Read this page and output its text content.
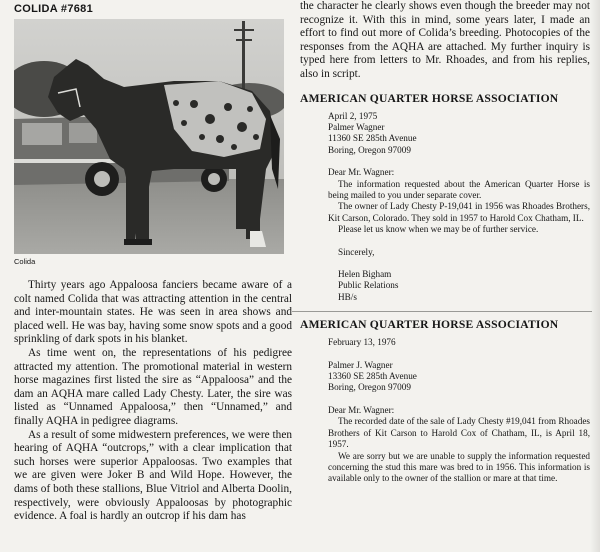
COLIDA #7681
Colida

Thirty years ago Appaloosa fanciers became aware of a colt named Colida that was attracting attention in the central and inter-mountain states. He was seen in area shows and placed well. He was bay, having some snow spots and a good sprinkling of dark spots in his blanket.

As time went on, the representations of his pedigree attracted my attention. The promotional material in western horse magazines first listed the sire as “Appaloosa” and the dam an AQHA mare called Lady Chesty. Later, the sire was listed as “Unnamed Appaloosa,” then “Unnamed,” and finally AQHA in pedigree diagrams.

As a result of some midwestern preferences, we were then hearing of AQHA “outcrops,” with a clear implication that such horses were superior Appaloosas. Two examples that we are given were Joker B and Wild Hope. However, the dams of both these stallions, Blue Vitriol and Alberta Doolin, respectively, were obviously Appaloosas by photographic evidence. A foal is hardly an outcrop if his dam has

the character he clearly shows even though the breeder may not recognize it. With this in mind, some years later, I made an effort to find out more of Colida’s breeding. Photocopies of the responses from the AQHA are attached. My further inquiry is typed here from letters to Mr. Rhoades, and from his replies, also in script.

AMERICAN QUARTER HORSE ASSOCIATION
April 2, 1975
Palmer Wagner
11360 SE 285th Avenue
Boring, Oregon 97009
Dear Mr. Wagner:
The information requested about the American Quarter Horse is being mailed to you under separate cover.
The owner of Lady Chesty P-19,041 in 1956 was Rhoades Brothers, Kit Carson, Colorado. They sold in 1957 to Harold Cox Chatham, IL.
Please let us know when we may be of further service.
Sincerely,
Helen Bigham
Public Relations
HB/s
AMERICAN QUARTER HORSE ASSOCIATION
February 13, 1976
Palmer J. Wagner
13360 SE 285th Avenue
Boring, Oregon 97009
Dear Mr. Wagner:
The recorded date of the sale of Lady Chesty #19,041 from Rhoades Brothers of Kit Carson to Harold Cox of Chatham, IL, is April 18, 1957.
We are sorry but we are unable to supply the information requested concerning the stud this mare was bred to in 1956. This information is available only to the owner of the stallion or mare at that time.
